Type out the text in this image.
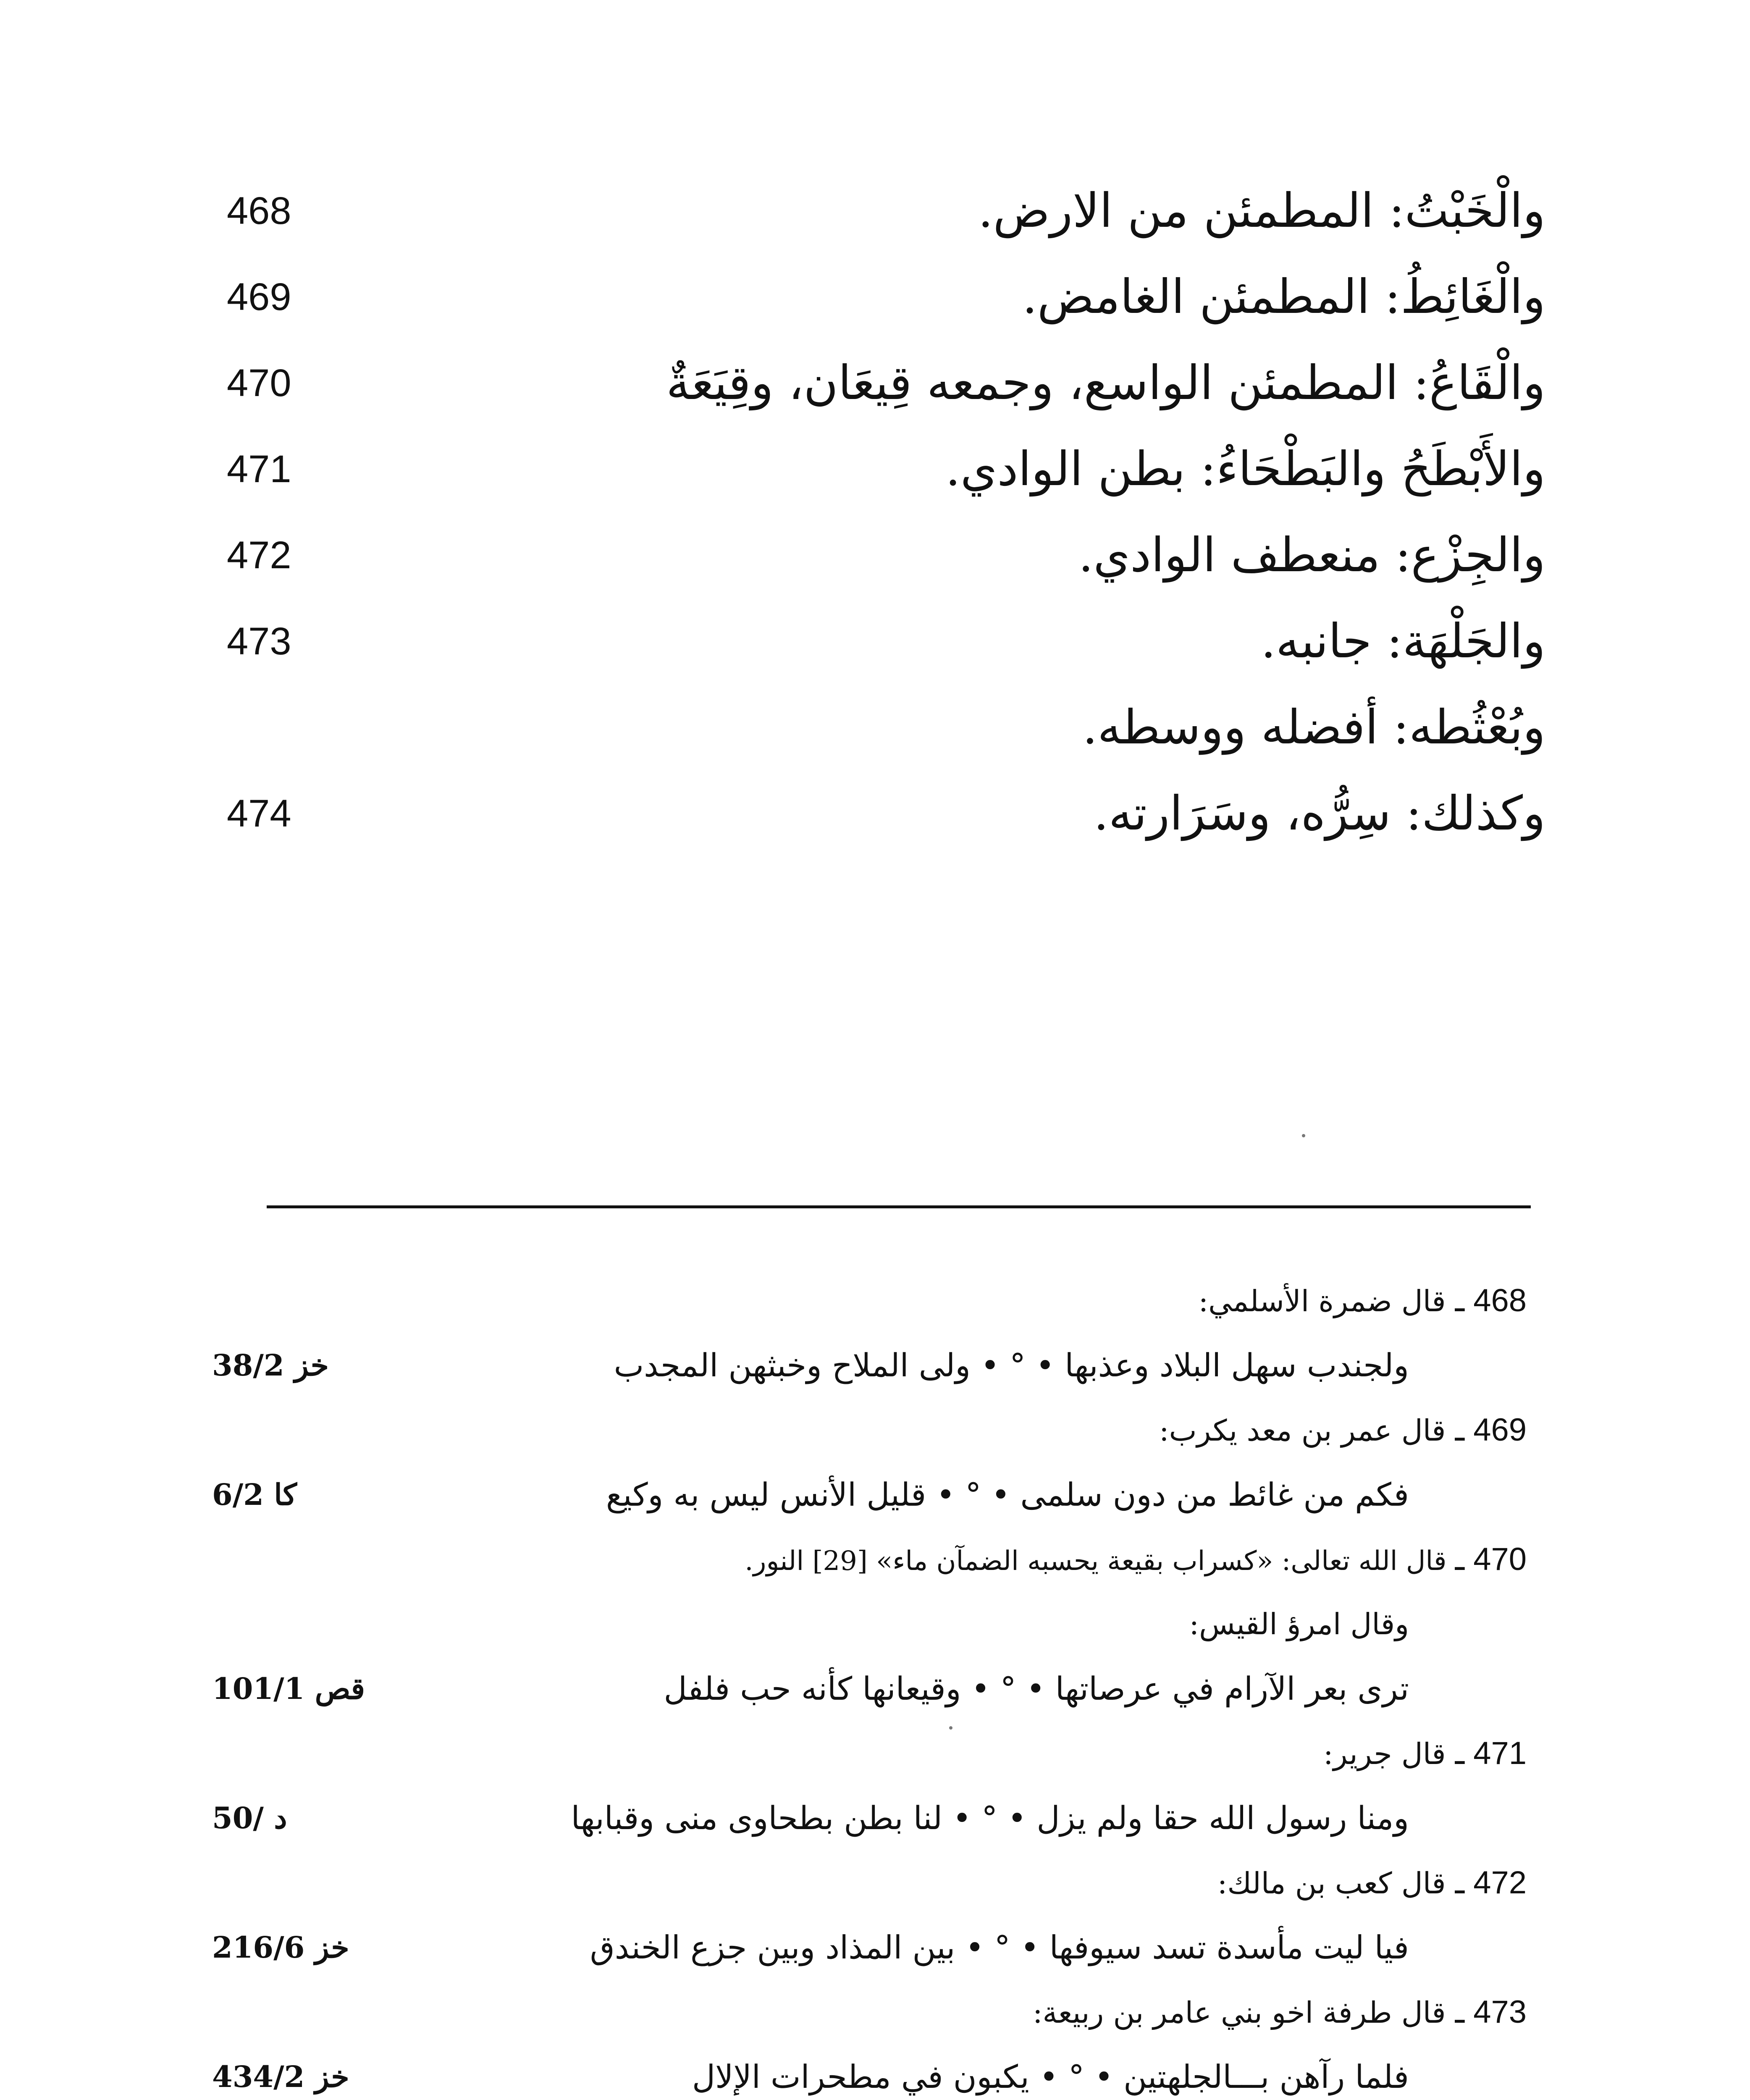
والْخَبْتُ: المطمئن من الارض.
468
والْغَائِطُ: المطمئن الغامض.
469
والْقَاعُ: المطمئن الواسع، وجمعه قِيعَان، وقِيَعَةٌ
470
والأَبْطَحُ والبَطْحَاءُ: بطن الوادي.
471
والجِزْع: منعطف الوادي.
472
والجَلْهَة: جانبه.
473
وبُعْثُطه: أفضله ووسطه.
وكذلك: سِرُّه، وسَرَارته.
474
468 ـ قال ضمرة الأسلمي:
ولجندب سهل البلاد وعذبها • ° • ولى الملاح وخبثهن المجدب
خز 38/2
469 ـ قال عمر بن معد يكرب:
فكم من غائط من دون سلمى • ° • قليل الأنس ليس به وكيع
كا 6/2
470 ـ قال الله تعالى: «كسراب بقيعة يحسبه الضمآن ماء» [29] النور.
وقال امرؤ القيس:
ترى بعر الآرام في عرصاتها • ° • وقيعانها كأنه حب فلفل
قص 101/1
471 ـ قال جرير:
ومنا رسول الله حقا ولم يزل • ° • لنا بطن بطحاوى منى وقبابها
د /50
472 ـ قال كعب بن مالك:
فيا ليت مأسدة تسد سيوفها • ° • بين المذاد وبين جزع الخندق
خز 216/6
473 ـ قال طرفة اخو بني عامر بن ربيعة:
فلما رآهن بـــالجلهتين • ° • يكبون في مطحرات الإلال
خز 434/2
